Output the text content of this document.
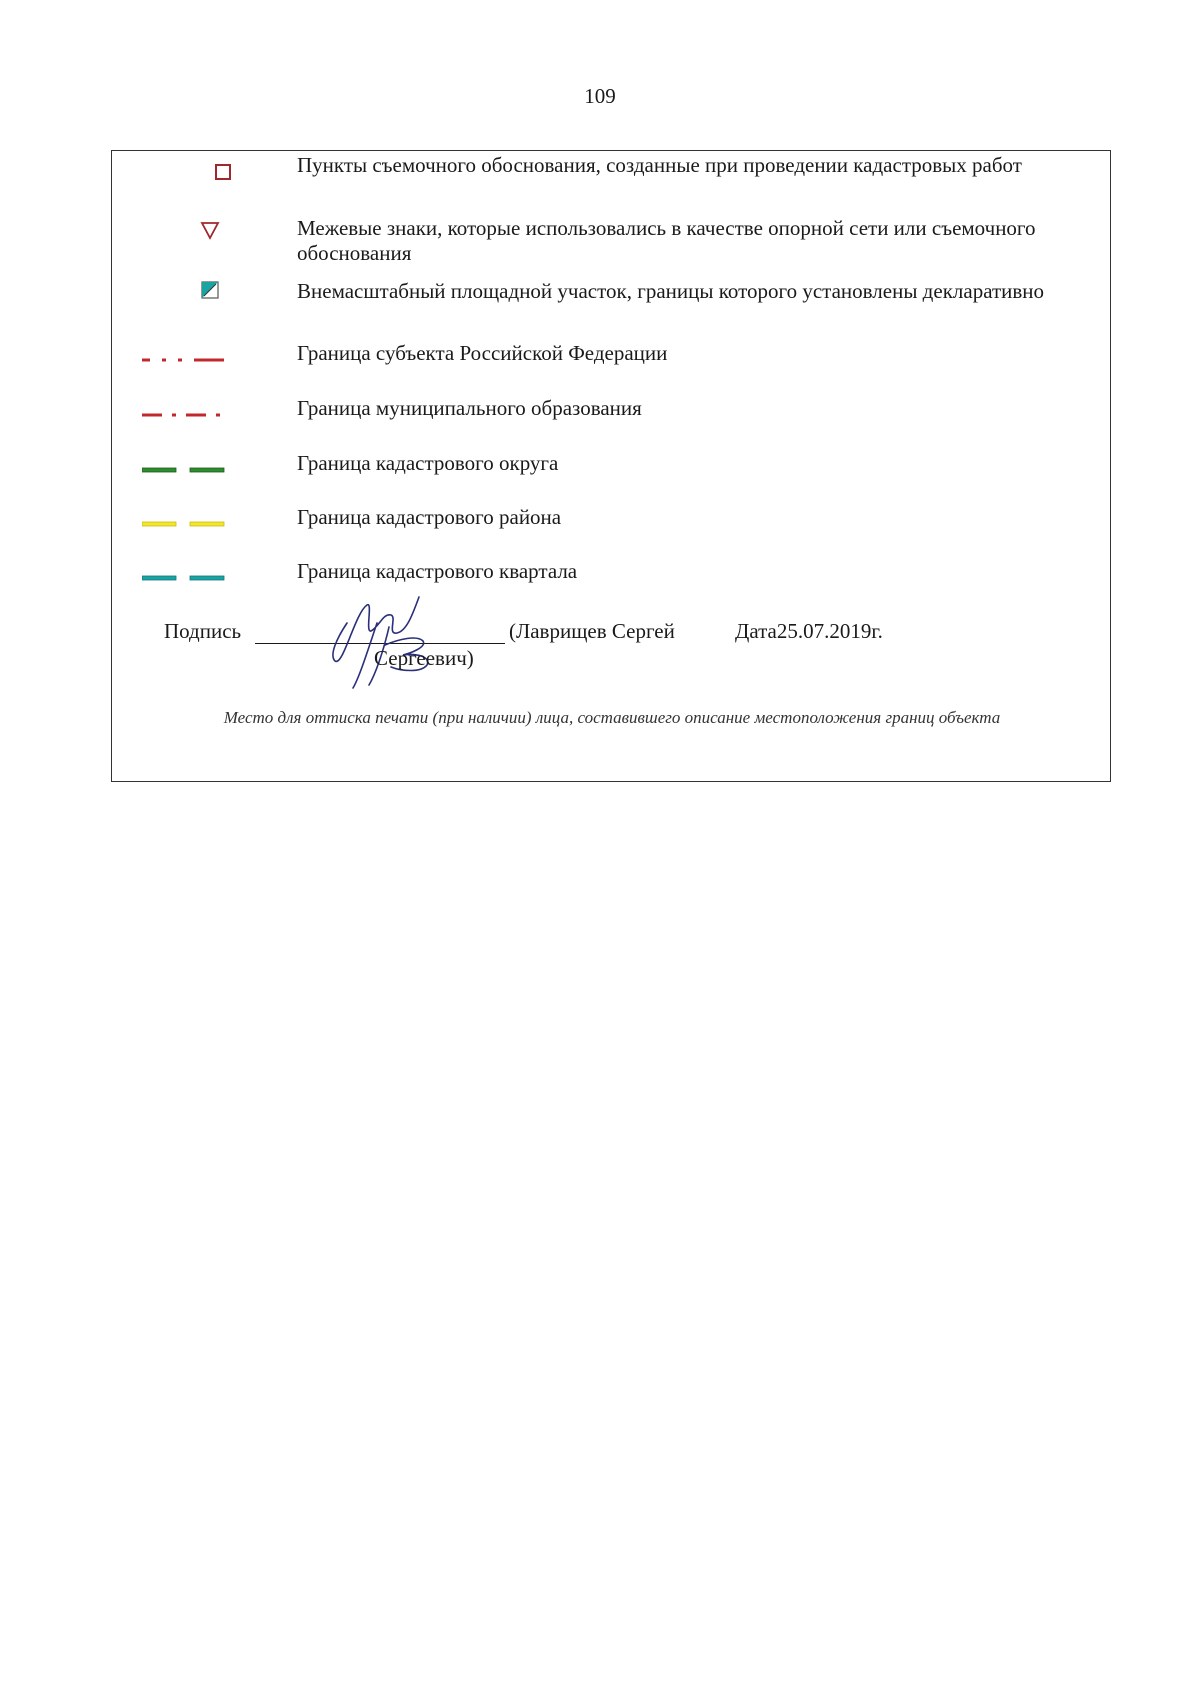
109
Пункты съемочного обоснования, созданные при проведении кадастровых работ
Межевые знаки, которые использовались в качестве опорной сети или съемочного обоснования
Внемасштабный площадной участок, границы которого установлены декларативно
Граница субъекта Российской Федерации
Граница муниципального образования
Граница кадастрового округа
Граница кадастрового района
Граница кадастрового квартала
Подпись	(Лаврищев Сергей
Сергеевич)
Дата25.07.2019г.
Место для оттиска печати (при наличии) лица, составившего описание местоположения границ объекта
